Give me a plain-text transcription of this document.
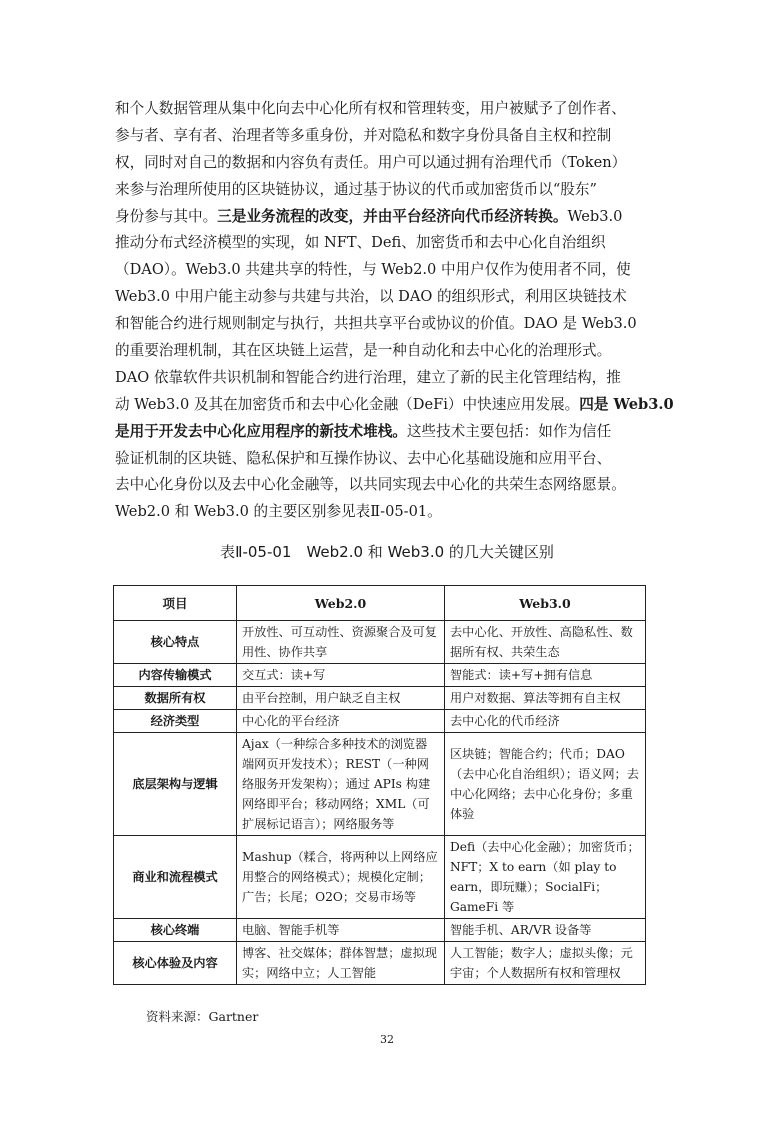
和个人数据管理从集中化向去中心化所有权和管理转变，用户被赋予了创作者、
参与者、享有者、治理者等多重身份，并对隐私和数字身份具备自主权和控制
权，同时对自己的数据和内容负有责任。用户可以通过拥有治理代币（Token）
来参与治理所使用的区块链协议，通过基于协议的代币或加密货币以“股东”
身份参与其中。三是业务流程的改变，并由平台经济向代币经济转换。Web3.0
推动分布式经济模型的实现，如 NFT、Defi、加密货币和去中心化自治组织
（DAO）。Web3.0 共建共享的特性，与 Web2.0 中用户仅作为使用者不同，使
Web3.0 中用户能主动参与共建与共治，以 DAO 的组织形式，利用区块链技术
和智能合约进行规则制定与执行，共担共享平台或协议的价值。DAO 是 Web3.0
的重要治理机制，其在区块链上运营，是一种自动化和去中心化的治理形式。
DAO 依靠软件共识机制和智能合约进行治理，建立了新的民主化管理结构，推
动 Web3.0 及其在加密货币和去中心化金融（DeFi）中快速应用发展。四是 Web3.0
是用于开发去中心化应用程序的新技术堆栈。这些技术主要包括：如作为信任
验证机制的区块链、隐私保护和互操作协议、去中心化基础设施和应用平台、
去中心化身份以及去中心化金融等，以共同实现去中心化的共荣生态网络愿景。
Web2.0 和 Web3.0 的主要区别参见表Ⅱ-05-01。
表Ⅱ-05-01　Web2.0 和 Web3.0 的几大关键区别
项目	Web2.0	Web3.0
核心特点	开放性、可互动性、资源聚合及可复用性、协作共享	去中心化、开放性、高隐私性、数据所有权、共荣生态
内容传输模式	交互式：读+写	智能式：读+写+拥有信息
数据所有权	由平台控制，用户缺乏自主权	用户对数据、算法等拥有自主权
经济类型	中心化的平台经济	去中心化的代币经济
底层架构与逻辑	Ajax（一种综合多种技术的浏览器端网页开发技术）；REST（一种网络服务开发架构）；通过 APIs 构建网络即平台；移动网络；XML（可扩展标记语言）；网络服务等	区块链；智能合约；代币；DAO（去中心化自治组织）；语义网；去中心化网络；去中心化身份；多重体验
商业和流程模式	Mashup（糅合，将两种以上网络应用整合的网络模式）；规模化定制；广告；长尾；O2O；交易市场等	Defi（去中心化金融）；加密货币；NFT；X to earn（如 play to earn，即玩赚）；SocialFi；GameFi 等
核心终端	电脑、智能手机等	智能手机、AR/VR 设备等
核心体验及内容	博客、社交媒体；群体智慧；虚拟现实；网络中立；人工智能	人工智能；数字人；虚拟头像；元宇宙；个人数据所有权和管理权
资料来源：Gartner
32
